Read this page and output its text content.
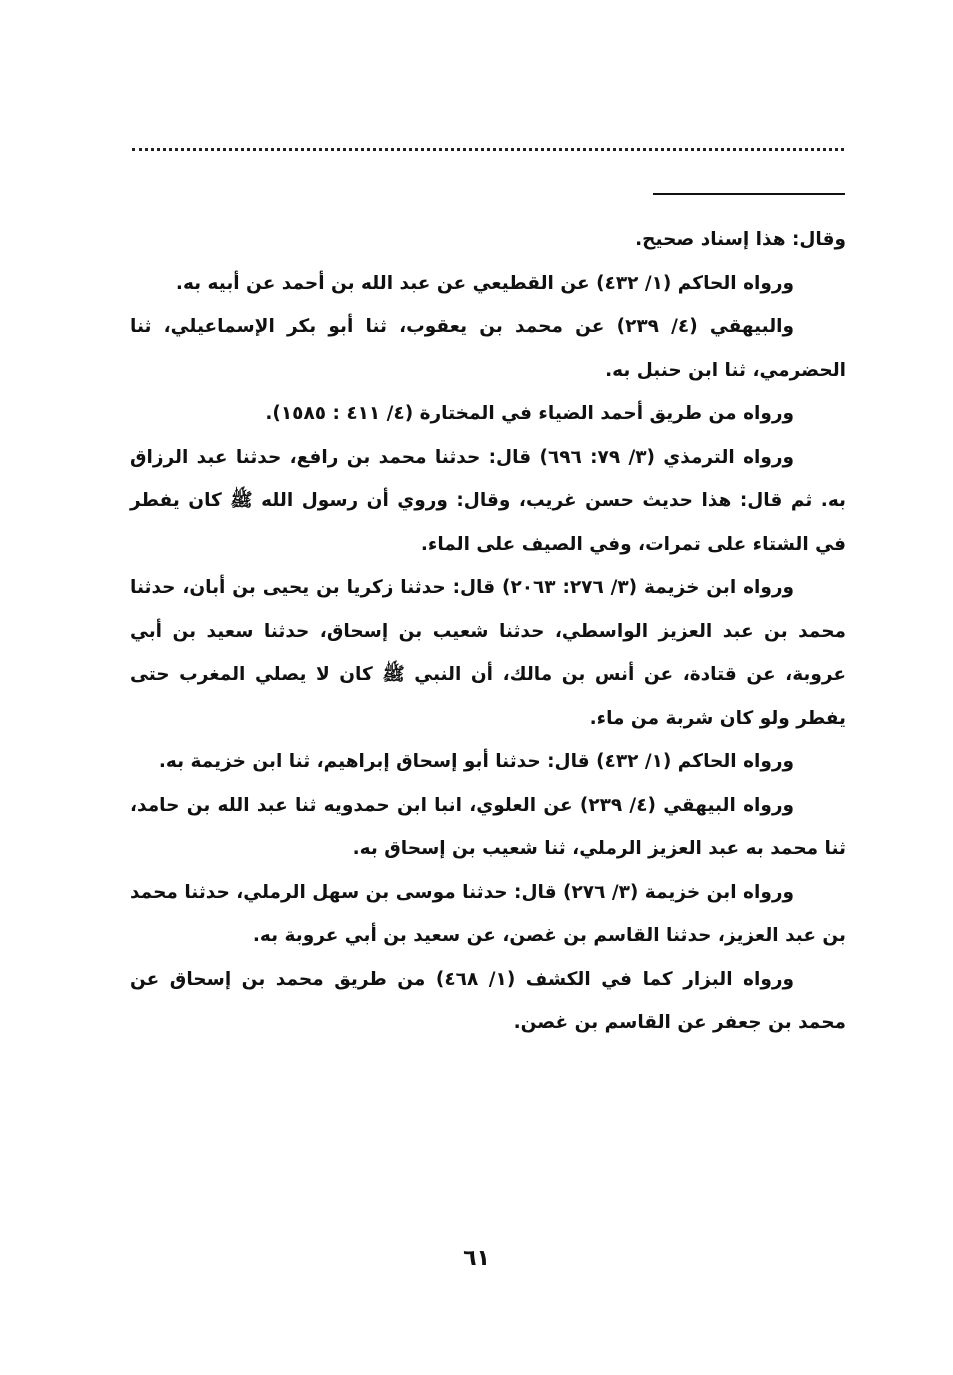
وقال: هذا إسناد صحيح.

ورواه الحاكم (١/ ٤٣٢) عن القطيعي عن عبد الله بن أحمد عن أبيه به.

والبيهقي (٤/ ٢٣٩) عن محمد بن يعقوب، ثنا أبو بكر الإسماعيلي، ثنا الحضرمي، ثنا ابن حنبل به.

ورواه من طريق أحمد الضياء في المختارة (٤/ ٤١١ : ١٥٨٥).

ورواه الترمذي (٣/ ٧٩: ٦٩٦) قال: حدثنا محمد بن رافع، حدثنا عبد الرزاق به. ثم قال: هذا حديث حسن غريب، وقال: وروي أن رسول الله ﷺ كان يفطر في الشتاء على تمرات، وفي الصيف على الماء.

ورواه ابن خزيمة (٣/ ٢٧٦: ٢٠٦٣) قال: حدثنا زكريا بن يحيى بن أبان، حدثنا محمد بن عبد العزيز الواسطي، حدثنا شعيب بن إسحاق، حدثنا سعيد بن أبي عروبة، عن قتادة، عن أنس بن مالك، أن النبي ﷺ كان لا يصلي المغرب حتى يفطر ولو كان شربة من ماء.

ورواه الحاكم (١/ ٤٣٢) قال: حدثنا أبو إسحاق إبراهيم، ثنا ابن خزيمة به.

ورواه البيهقي (٤/ ٢٣٩) عن العلوي، انبا ابن حمدويه ثنا عبد الله بن حامد، ثنا محمد به عبد العزيز الرملي، ثنا شعيب بن إسحاق به.

ورواه ابن خزيمة (٣/ ٢٧٦) قال: حدثنا موسى بن سهل الرملي، حدثنا محمد بن عبد العزيز، حدثنا القاسم بن غصن، عن سعيد بن أبي عروبة به.

ورواه البزار كما في الكشف (١/ ٤٦٨) من طريق محمد بن إسحاق عن محمد بن جعفر عن القاسم بن غصن.

٦١
